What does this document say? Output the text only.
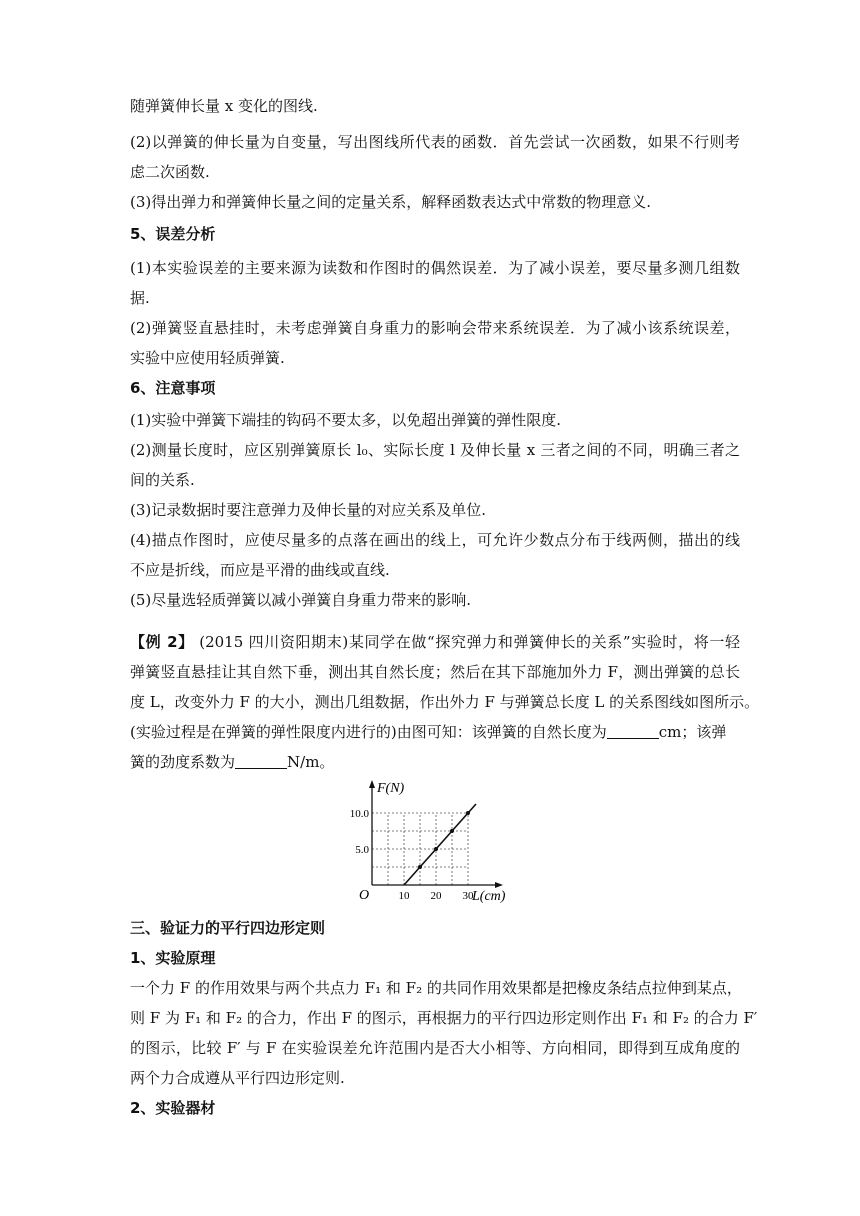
随弹簧伸长量 x 变化的图线.
(2)以弹簧的伸长量为自变量，写出图线所代表的函数．首先尝试一次函数，如果不行则考
虑二次函数.
(3)得出弹力和弹簧伸长量之间的定量关系，解释函数表达式中常数的物理意义.
5、误差分析
(1)本实验误差的主要来源为读数和作图时的偶然误差．为了减小误差，要尽量多测几组数
据.
(2)弹簧竖直悬挂时，未考虑弹簧自身重力的影响会带来系统误差．为了减小该系统误差，
实验中应使用轻质弹簧.
6、注意事项
(1)实验中弹簧下端挂的钩码不要太多，以免超出弹簧的弹性限度.
(2)测量长度时，应区别弹簧原长 l₀、实际长度 l 及伸长量 x 三者之间的不同，明确三者之
间的关系.
(3)记录数据时要注意弹力及伸长量的对应关系及单位.
(4)描点作图时，应使尽量多的点落在画出的线上，可允许少数点分布于线两侧，描出的线
不应是折线，而应是平滑的曲线或直线.
(5)尽量选轻质弹簧以减小弹簧自身重力带来的影响.
【例 2】 (2015 四川资阳期末)某同学在做“探究弹力和弹簧伸长的关系”实验时，将一轻
弹簧竖直悬挂让其自然下垂，测出其自然长度；然后在其下部施加外力 F，测出弹簧的总长
度 L，改变外力 F 的大小，测出几组数据，作出外力 F 与弹簧总长度 L 的关系图线如图所示。
(实验过程是在弹簧的弹性限度内进行的)由图可知：该弹簧的自然长度为	cm；该弹
簧的劲度系数为	N/m。
10 20 30
5.0
10.0
F(N)
L(cm)
O
三、验证力的平行四边形定则
1、实验原理
一个力 F 的作用效果与两个共点力 F₁ 和 F₂ 的共同作用效果都是把橡皮条结点拉伸到某点，
则 F 为 F₁ 和 F₂ 的合力，作出 F 的图示，再根据力的平行四边形定则作出 F₁ 和 F₂ 的合力 F′
的图示，比较 F′ 与 F 在实验误差允许范围内是否大小相等、方向相同，即得到互成角度的
两个力合成遵从平行四边形定则.
2、实验器材
